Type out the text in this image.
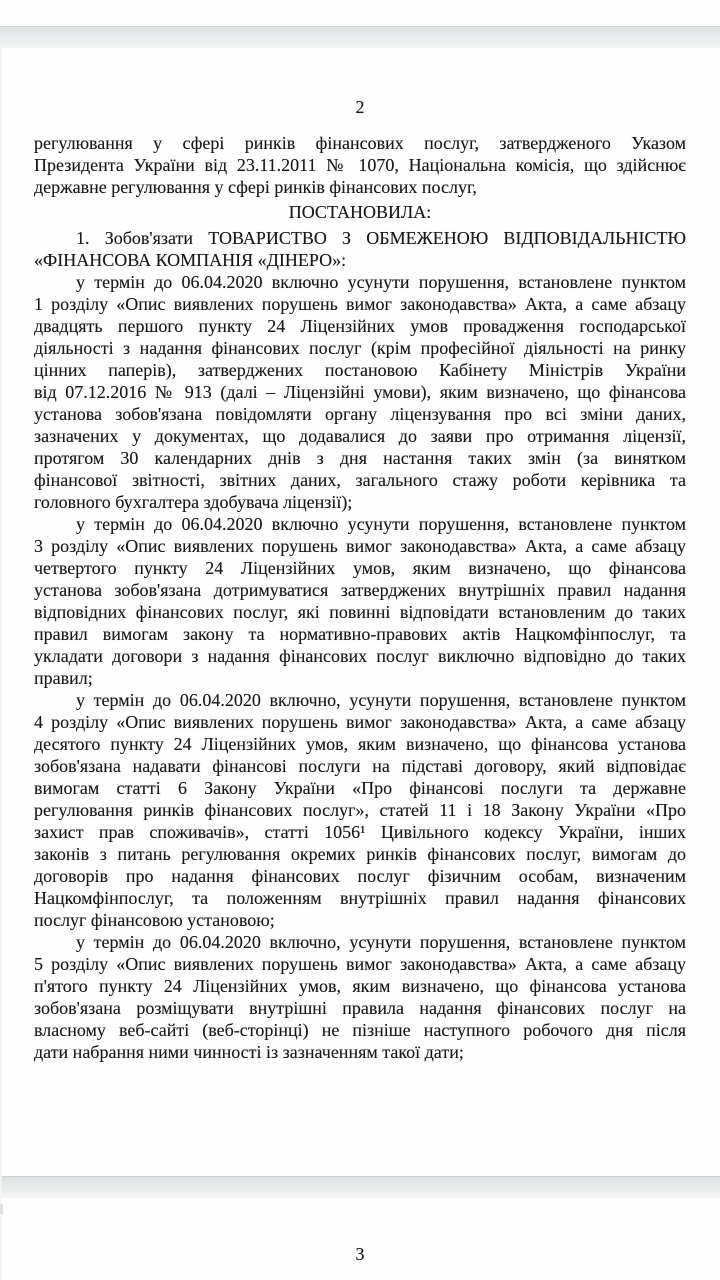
2
регулювання у сфері ринків фінансових послуг, затвердженого Указом
Президента України від 23.11.2011 № 1070, Національна комісія, що здійснює
державне регулювання у сфері ринків фінансових послуг,
ПОСТАНОВИЛА:
1. Зобов'язати ТОВАРИСТВО З ОБМЕЖЕНОЮ ВІДПОВІДАЛЬНІСТЮ
«ФІНАНСОВА КОМПАНІЯ «ДІНЕРО»:
у термін до 06.04.2020 включно усунути порушення, встановлене пунктом
1 розділу «Опис виявлених порушень вимог законодавства» Акта, а саме абзацу
двадцять першого пункту 24 Ліцензійних умов провадження господарської
діяльності з надання фінансових послуг (крім професійної діяльності на ринку
цінних паперів), затверджених постановою Кабінету Міністрів України
від 07.12.2016 № 913 (далі – Ліцензійні умови), яким визначено, що фінансова
установа зобов'язана повідомляти органу ліцензування про всі зміни даних,
зазначених у документах, що додавалися до заяви про отримання ліцензії,
протягом 30 календарних днів з дня настання таких змін (за винятком
фінансової звітності, звітних даних, загального стажу роботи керівника та
головного бухгалтера здобувача ліцензії);
у термін до 06.04.2020 включно усунути порушення, встановлене пунктом
3 розділу «Опис виявлених порушень вимог законодавства» Акта, а саме абзацу
четвертого пункту 24 Ліцензійних умов, яким визначено, що фінансова
установа зобов'язана дотримуватися затверджених внутрішніх правил надання
відповідних фінансових послуг, які повинні відповідати встановленим до таких
правил вимогам закону та нормативно-правових актів Нацкомфінпослуг, та
укладати договори з надання фінансових послуг виключно відповідно до таких
правил;
у термін до 06.04.2020 включно, усунути порушення, встановлене пунктом
4 розділу «Опис виявлених порушень вимог законодавства» Акта, а саме абзацу
десятого пункту 24 Ліцензійних умов, яким визначено, що фінансова установа
зобов'язана надавати фінансові послуги на підставі договору, який відповідає
вимогам статті 6 Закону України «Про фінансові послуги та державне
регулювання ринків фінансових послуг», статей 11 і 18 Закону України «Про
захист прав споживачів», статті 1056¹ Цивільного кодексу України, інших
законів з питань регулювання окремих ринків фінансових послуг, вимогам до
договорів про надання фінансових послуг фізичним особам, визначеним
Нацкомфінпослуг, та положенням внутрішніх правил надання фінансових
послуг фінансовою установою;
у термін до 06.04.2020 включно, усунути порушення, встановлене пунктом
5 розділу «Опис виявлених порушень вимог законодавства» Акта, а саме абзацу
п'ятого пункту 24 Ліцензійних умов, яким визначено, що фінансова установа
зобов'язана розміщувати внутрішні правила надання фінансових послуг на
власному веб-сайті (веб-сторінці) не пізніше наступного робочого дня після
дати набрання ними чинності із зазначенням такої дати;
3
